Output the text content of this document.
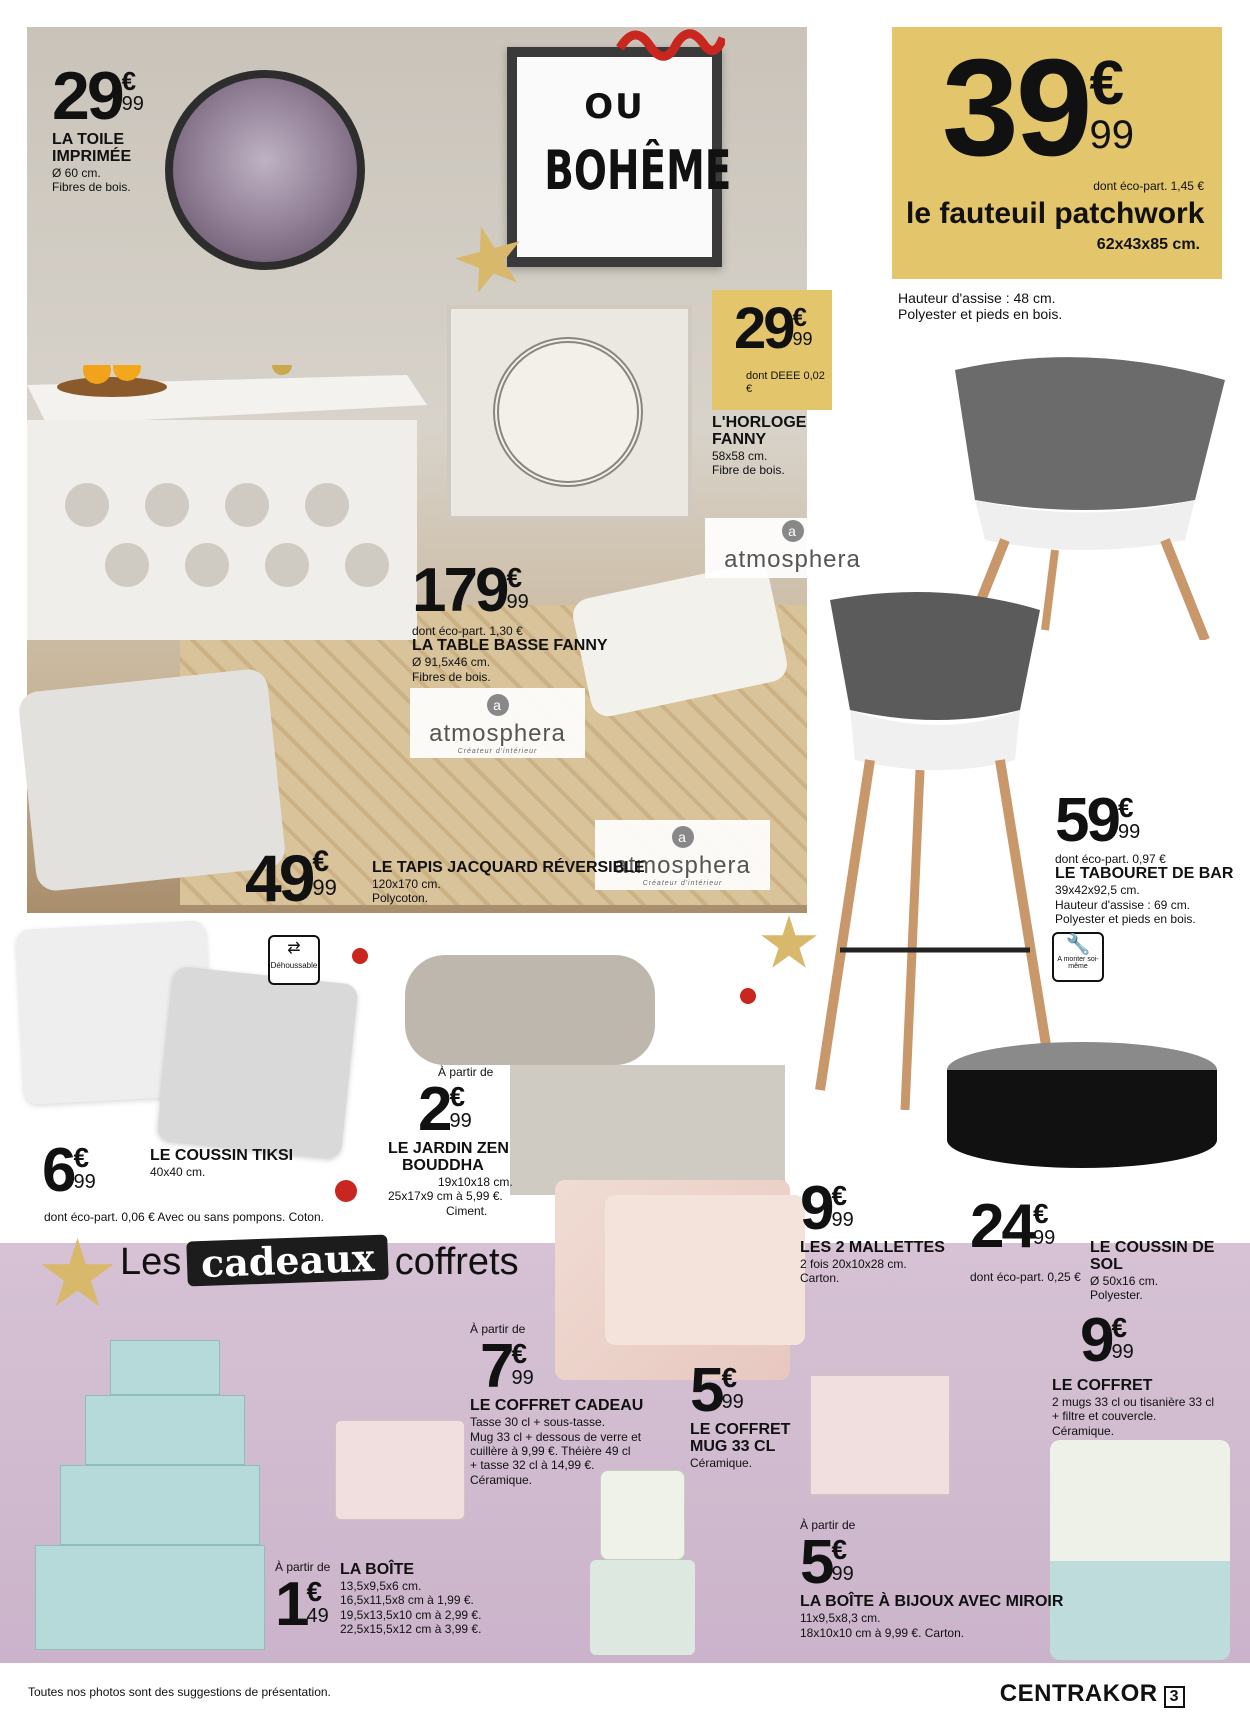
OU
BOHÊME
a
atmosphera
a
atmosphera
Créateur d'intérieur
a
atmosphera
Créateur d'intérieur
29 €
99
LA TOILE
IMPRIMÉE
Ø 60 cm.
Fibres de bois.
39 €
99
dont éco-part. 1,45 €
le fauteuil patchwork
62x43x85 cm.
Hauteur d'assise : 48 cm.
Polyester et pieds en bois.
29 €
99
dont DEEE 0,02 €
L'HORLOGE
FANNY
58x58 cm.
Fibre de bois.
179 €
99
dont éco-part. 1,30 €
LA TABLE BASSE FANNY
Ø 91,5x46 cm.
Fibres de bois.
49 €
99
LE TAPIS JACQUARD RÉVERSIBLE
120x170 cm.
Polycoton.
59 €
99
dont éco-part. 0,97 €
LE TABOURET DE BAR
39x42x92,5 cm.
Hauteur d'assise : 69 cm.
Polyester et pieds en bois.
🔧
A monter soi-même
⇄
Déhoussable
6 €
99
LE COUSSIN TIKSI
40x40 cm.
dont éco-part. 0,06 € Avec ou sans pompons. Coton.
À partir de
2 €
99
LE JARDIN ZEN
BOUDDHA
19x10x18 cm.
25x17x9 cm à 5,99 €.
Ciment.	9 €
99
LES 2 MALLETTES
2 fois 20x10x28 cm.
Carton.
24 €
99
dont éco-part. 0,25 €
LE COUSSIN DE SOL
Ø 50x16 cm.
Polyester.
Les cadeaux coffrets
À partir de
7 €
99
LE COFFRET CADEAU
Tasse 30 cl + sous-tasse.
Mug 33 cl + dessous de verre et
cuillère à 9,99 €. Théière 49 cl
+ tasse 32 cl à 14,99 €.
Céramique.
5 €
99
LE COFFRET
MUG 33 CL
Céramique.
9 €
99
LE COFFRET
2 mugs 33 cl ou tisanière 33 cl
+ filtre et couvercle.
Céramique.
À partir de
1 €
49
LA BOÎTE
13,5x9,5x6 cm.
16,5x11,5x8 cm à 1,99 €.
19,5x13,5x10 cm à 2,99 €.
22,5x15,5x12 cm à 3,99 €.
À partir de
5 €
99
LA BOÎTE À BIJOUX AVEC MIROIR
11x9,5x8,3 cm.
18x10x10 cm à 9,99 €. Carton.
Toutes nos photos sont des suggestions de présentation.	CENTRAKOR 3
